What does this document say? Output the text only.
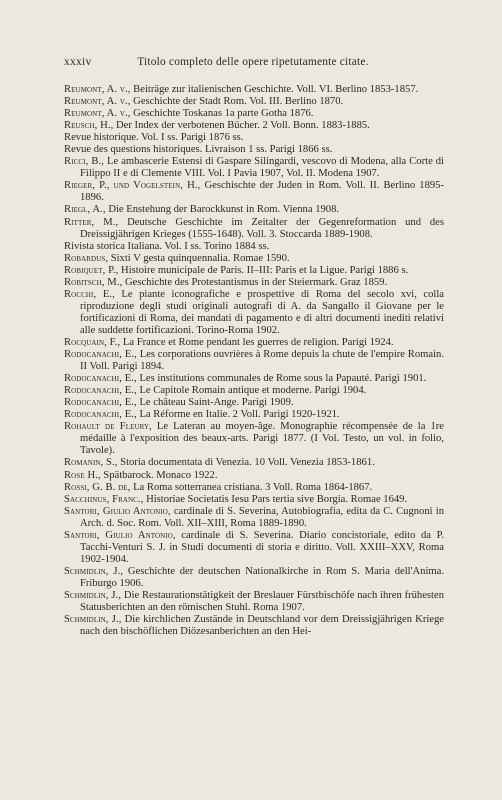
xxxiv	Titolo completo delle opere ripetutamente citate.
Reumont, A. v., Beiträge zur italienischen Geschichte. Voll. VI. Berlino 1853-1857.
Reumont, A. v., Geschichte der Stadt Rom. Vol. III. Berlino 1870.
Reumont, A. v., Geschichte Toskanas 1a parte Gotha 1876.
Reusch, H., Der Index der verbotenen Bücher. 2 Voll. Bonn. 1883-1885.
Revue historique. Vol. I ss. Parigi 1876 ss.
Revue des questions historiques. Livraison 1 ss. Parigi 1866 ss.
Ricci, B., Le ambascerie Estensi di Gaspare Silingardi, vescovo di Modena, alla Corte di Filippo II e di Clemente VIII. Vol. I Pavia 1907, Vol. II. Modena 1907.
Rieger, P., und Vogelstein, H., Geschischte der Juden in Rom. Voll. II. Berlino 1895-1896.
Riegl, A., Die Enstehung der Barockkunst in Rom. Vienna 1908.
Ritter, M., Deutsche Geschichte im Zeitalter der Gegenreformation und des Dreissigjährigen Krieges (1555-1648). Voll. 3. Stoccarda 1889-1908.
Rivista storica Italiana. Vol. I ss. Torino 1884 ss.
Robardus, Sixti V gesta quinquennalia. Romae 1590.
Robiquet, P., Histoire municipale de Paris. II–III: Paris et la Ligue. Parigi 1886 s.
Robitsch, M., Geschichte des Protestantismus in der Steiermark. Graz 1859.
Rocchi, E., Le piante iconografiche e prospettive di Roma del secolo xvi, colla riproduzione degli studi originali autografi di A. da Sangallo il Giovane per le fortificazioni di Roma, dei mandati di pagamento e di altri documenti inediti relativi alle suddette fortificazioni. Torino-Roma 1902.
Rocquain, F., La France et Rome pendant les guerres de religion. Parigi 1924.
Rodocanachi, E., Les corporations ouvrières à Rome depuis la chute de l'empire Romain. II Voll. Parigi 1894.
Rodocanachi, E., Les institutions communales de Rome sous la Papauté. Parigi 1901.
Rodocanachi, E., Le Capitole Romain antique et moderne. Parigi 1904.
Rodocanachi, E., Le château Saint-Ange. Parigi 1909.
Rodocanachi, E., La Réforme en Italie. 2 Voll. Parigi 1920-1921.
Rohault de Fleury, Le Lateran au moyen-âge. Monographie récompensée de la 1re médaille à l'exposition des beaux-arts. Parigi 1877. (I Vol. Testo, un vol. in folio, Tavole).
Romanin, S., Storia documentata di Venezia. 10 Voll. Venezia 1853-1861.
Rose H., Spätbarock. Monaco 1922.
Rossi, G. B. de, La Roma sotterranea cristiana. 3 Voll. Roma 1864-1867.
Sacchinus, Franc., Historiae Societatis Iesu Pars tertia sive Borgia. Romae 1649.
Santori, Giulio Antonio, cardinale di S. Severina, Autobiografia, edita da C. Cugnoni in Arch. d. Soc. Rom. Voll. XII–XIII, Roma 1889-1890.
Santori, Giulio Antonio, cardinale di S. Severina. Diario concistoriale, edito da P. Tacchi-Venturi S. J. in Studi documenti di storia e diritto. Voll. XXIII–XXV, Roma 1902-1904.
Schmidlin, J., Geschichte der deutschen Nationalkirche in Rom S. Maria dell'Anima. Friburgo 1906.
Schmidlin, J., Die Restaurationstätigkeit der Breslauer Fürstbischöfe nach ihren frühesten Statusberichten an den römischen Stuhl. Roma 1907.
Schmidlin, J., Die kirchlichen Zustände in Deutschland vor dem Dreissigjährigen Kriege nach den bischöflichen Diözesanberichten an den Hei-
